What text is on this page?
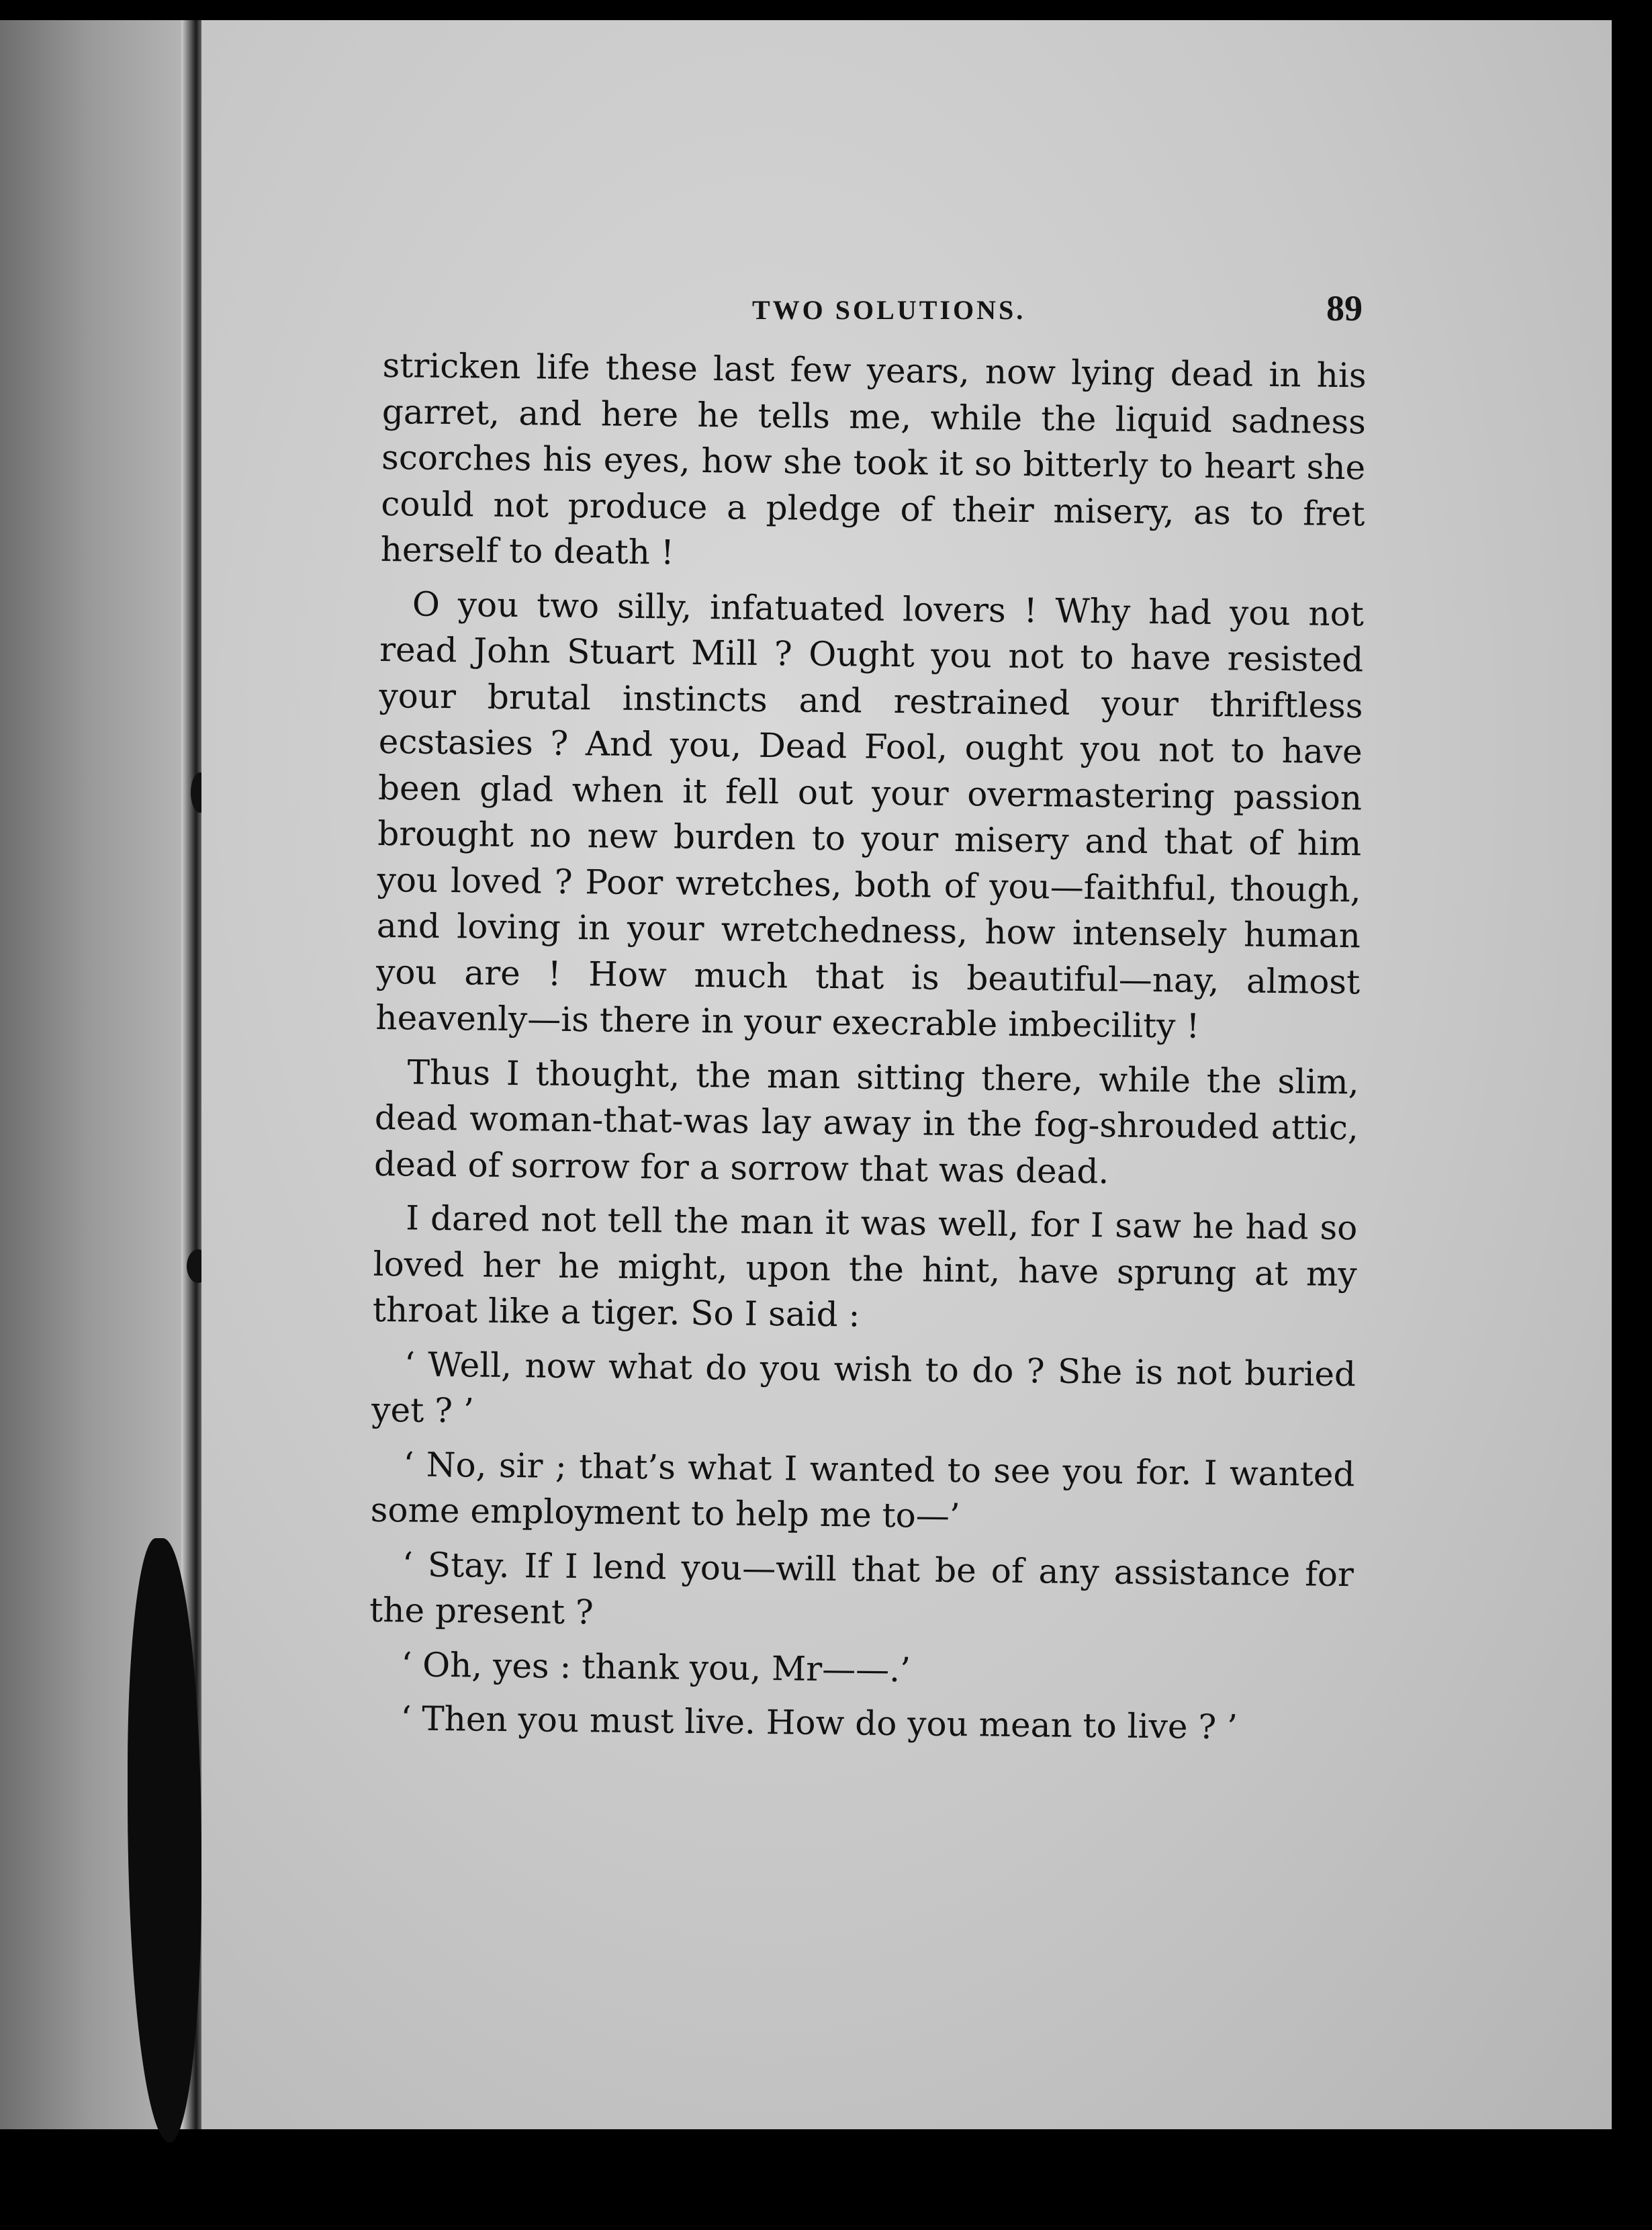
TWO SOLUTIONS.	89

stricken life these last few years, now lying dead in his garret, and here he tells me, while the liquid sadness scorches his eyes, how she took it so bitterly to heart she could not produce a pledge of their misery, as to fret herself to death !

O you two silly, infatuated lovers ! Why had you not read John Stuart Mill ? Ought you not to have resisted your brutal instincts and restrained your thriftless ecstasies ? And you, Dead Fool, ought you not to have been glad when it fell out your overmastering passion brought no new burden to your misery and that of him you loved ? Poor wretches, both of you—faithful, though, and loving in your wretchedness, how intensely human you are ! How much that is beautiful—nay, almost heavenly—is there in your execrable imbecility !

Thus I thought, the man sitting there, while the slim, dead woman-that-was lay away in the fog-shrouded attic, dead of sorrow for a sorrow that was dead.

I dared not tell the man it was well, for I saw he had so loved her he might, upon the hint, have sprung at my throat like a tiger. So I said :

‘ Well, now what do you wish to do ? She is not buried yet ? ’

‘ No, sir ; that’s what I wanted to see you for. I wanted some employment to help me to—’

‘ Stay. If I lend you—will that be of any assistance for the present ?

‘ Oh, yes : thank you, Mr——.’

‘ Then you must live. How do you mean to live ? ’
